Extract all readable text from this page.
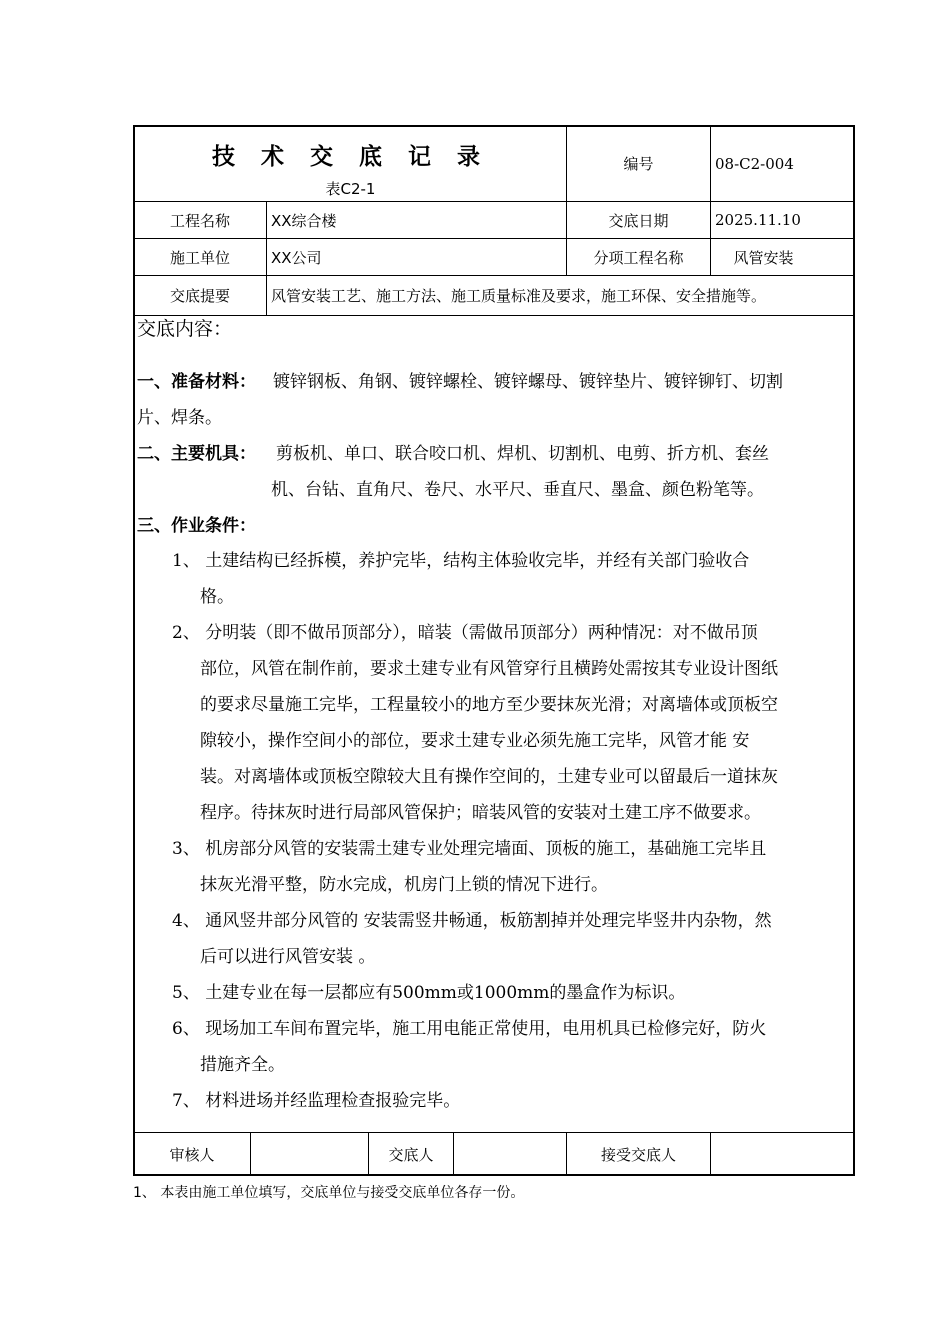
技 术 交 底 记 录
表C2-1
编号	08-C2-004
工程名称	XX综合楼	交底日期	2025.11.10
施工单位	XX公司	分项工程名称	风管安装
交底提要	风管安装工艺、施工方法、施工质量标准及要求，施工环保、安全措施等。
交底内容：
一、准备材料： 镀锌钢板、角钢、镀锌螺栓、镀锌螺母、镀锌垫片、镀锌铆钉、切割
片、焊条。
二、主要机具： 剪板机、单口、联合咬口机、焊机、切割机、电剪、折方机、套丝
机、台钻、直角尺、卷尺、水平尺、垂直尺、墨盒、颜色粉笔等。
三、作业条件：
1、 土建结构已经拆模，养护完毕，结构主体验收完毕，并经有关部门验收合
格。
2、 分明装（即不做吊顶部分），暗装（需做吊顶部分）两种情况：对不做吊顶
部位，风管在制作前，要求土建专业有风管穿行且横跨处需按其专业设计图纸
的要求尽量施工完毕，工程量较小的地方至少要抹灰光滑；对离墙体或顶板空
隙较小，操作空间小的部位，要求土建专业必须先施工完毕，风管才能 安
装。对离墙体或顶板空隙较大且有操作空间的，土建专业可以留最后一道抹灰
程序。待抹灰时进行局部风管保护；暗装风管的安装对土建工序不做要求。
3、 机房部分风管的安装需土建专业处理完墙面、顶板的施工，基础施工完毕且
抹灰光滑平整，防水完成，机房门上锁的情况下进行。
4、 通风竖井部分风管的 安装需竖井畅通，板筋割掉并处理完毕竖井内杂物，然
后可以进行风管安装 。
5、 土建专业在每一层都应有500mm或1000mm的墨盒作为标识。
6、 现场加工车间布置完毕，施工用电能正常使用，电用机具已检修完好，防火
措施齐全。
7、 材料进场并经监理检查报验完毕。
审核人	交底人	接受交底人
1、 本表由施工单位填写，交底单位与接受交底单位各存一份。
